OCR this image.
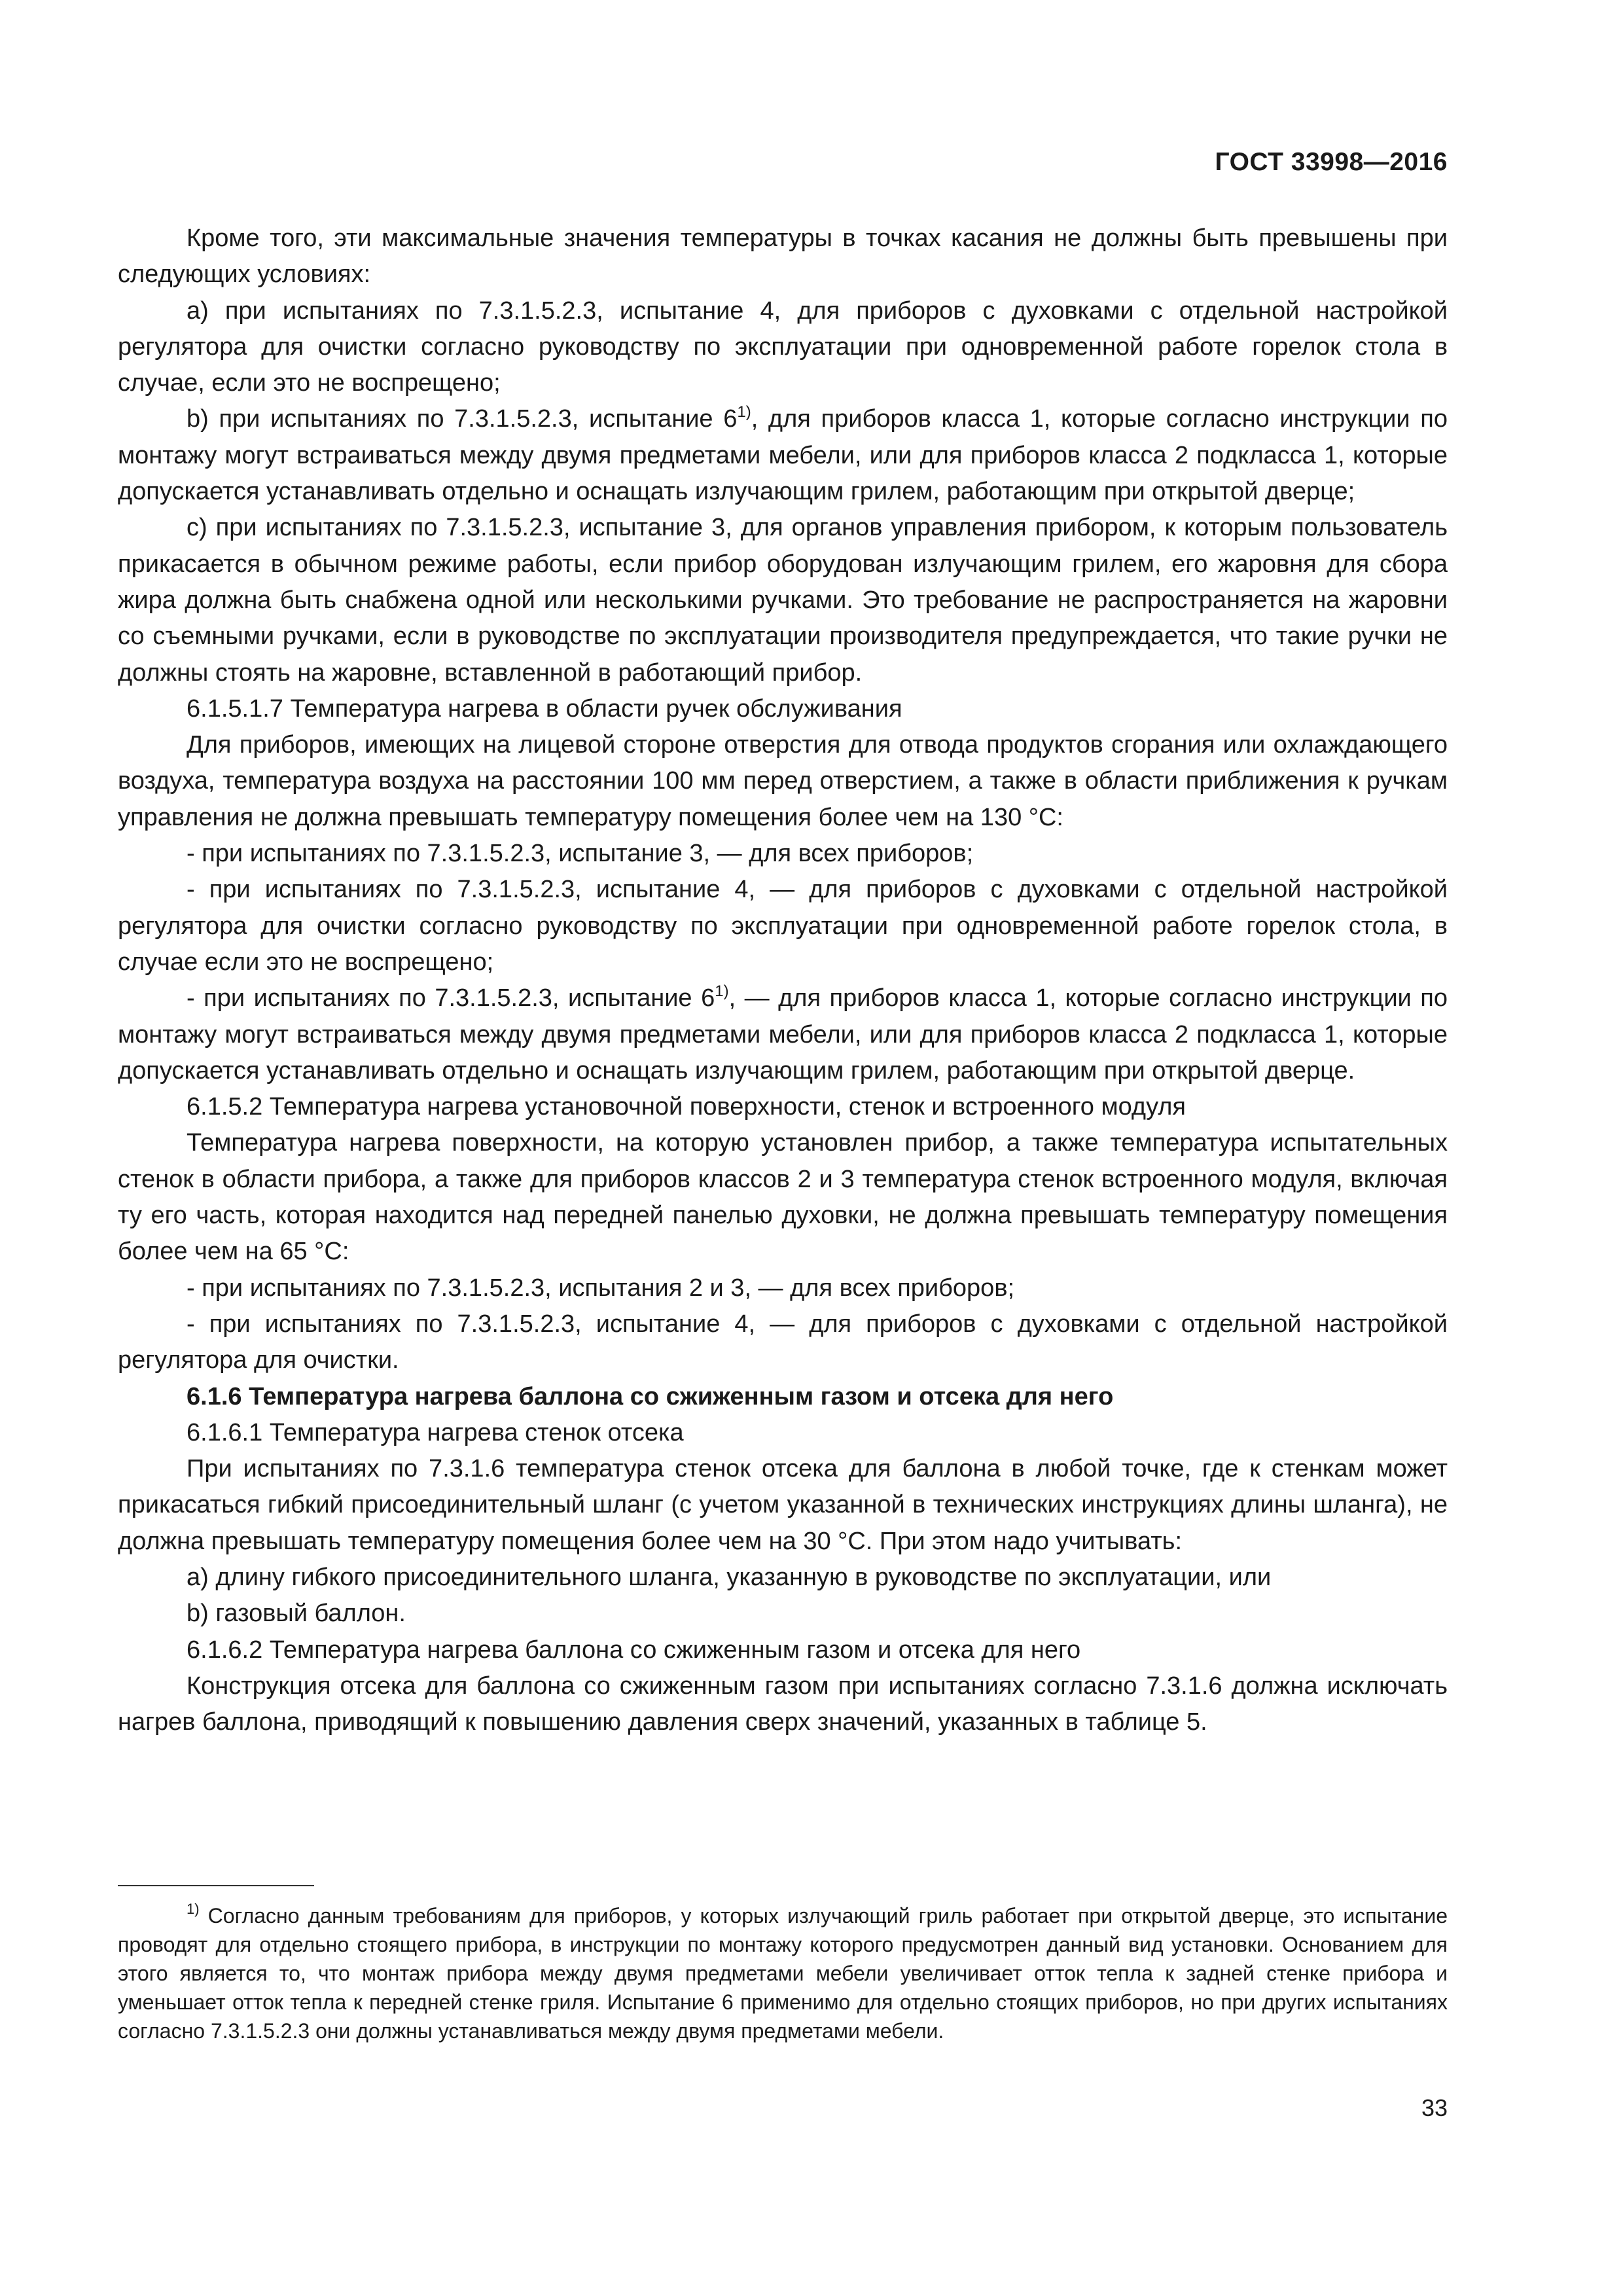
ГОСТ 33998—2016

Кроме того, эти максимальные значения температуры в точках касания не должны быть превышены при следующих условиях:

a) при испытаниях по 7.3.1.5.2.3, испытание 4, для приборов с духовками с отдельной настройкой регулятора для очистки согласно руководству по эксплуатации при одновременной работе горелок стола в случае, если это не воспрещено;

b) при испытаниях по 7.3.1.5.2.3, испытание 6$^{1)}$, для приборов класса 1, которые согласно инструкции по монтажу могут встраиваться между двумя предметами мебели, или для приборов класса 2 подкласса 1, которые допускается устанавливать отдельно и оснащать излучающим грилем, работающим при открытой дверце;

c) при испытаниях по 7.3.1.5.2.3, испытание 3, для органов управления прибором, к которым пользователь прикасается в обычном режиме работы, если прибор оборудован излучающим грилем, его жаровня для сбора жира должна быть снабжена одной или несколькими ручками. Это требование не распространяется на жаровни со съемными ручками, если в руководстве по эксплуатации производителя предупреждается, что такие ручки не должны стоять на жаровне, вставленной в работающий прибор.

6.1.5.1.7 Температура нагрева в области ручек обслуживания

Для приборов, имеющих на лицевой стороне отверстия для отвода продуктов сгорания или охлаждающего воздуха, температура воздуха на расстоянии 100 мм перед отверстием, а также в области приближения к ручкам управления не должна превышать температуру помещения более чем на 130 °C:

- при испытаниях по 7.3.1.5.2.3, испытание 3, — для всех приборов;

- при испытаниях по 7.3.1.5.2.3, испытание 4, — для приборов с духовками с отдельной настройкой регулятора для очистки согласно руководству по эксплуатации при одновременной работе горелок стола, в случае если это не воспрещено;

- при испытаниях по 7.3.1.5.2.3, испытание 6$^{1)}$, — для приборов класса 1, которые согласно инструкции по монтажу могут встраиваться между двумя предметами мебели, или для приборов класса 2 подкласса 1, которые допускается устанавливать отдельно и оснащать излучающим грилем, работающим при открытой дверце.

6.1.5.2 Температура нагрева установочной поверхности, стенок и встроенного модуля

Температура нагрева поверхности, на которую установлен прибор, а также температура испытательных стенок в области прибора, а также для приборов классов 2 и 3 температура стенок встроенного модуля, включая ту его часть, которая находится над передней панелью духовки, не должна превышать температуру помещения более чем на 65 °C:

- при испытаниях по 7.3.1.5.2.3, испытания 2 и 3, — для всех приборов;

- при испытаниях по 7.3.1.5.2.3, испытание 4, — для приборов с духовками с отдельной настройкой регулятора для очистки.

6.1.6 Температура нагрева баллона со сжиженным газом и отсека для него

6.1.6.1 Температура нагрева стенок отсека

При испытаниях по 7.3.1.6 температура стенок отсека для баллона в любой точке, где к стенкам может прикасаться гибкий присоединительный шланг (с учетом указанной в технических инструкциях длины шланга), не должна превышать температуру помещения более чем на 30 °C. При этом надо учитывать:

a) длину гибкого присоединительного шланга, указанную в руководстве по эксплуатации, или

b) газовый баллон.

6.1.6.2 Температура нагрева баллона со сжиженным газом и отсека для него

Конструкция отсека для баллона со сжиженным газом при испытаниях согласно 7.3.1.6 должна исключать нагрев баллона, приводящий к повышению давления сверх значений, указанных в таблице 5.

$^{1)}$ Согласно данным требованиям для приборов, у которых излучающий гриль работает при открытой дверце, это испытание проводят для отдельно стоящего прибора, в инструкции по монтажу которого предусмотрен данный вид установки. Основанием для этого является то, что монтаж прибора между двумя предметами мебели увеличивает отток тепла к задней стенке прибора и уменьшает отток тепла к передней стенке гриля. Испытание 6 применимо для отдельно стоящих приборов, но при других испытаниях согласно 7.3.1.5.2.3 они должны устанавливаться между двумя предметами мебели.

33
